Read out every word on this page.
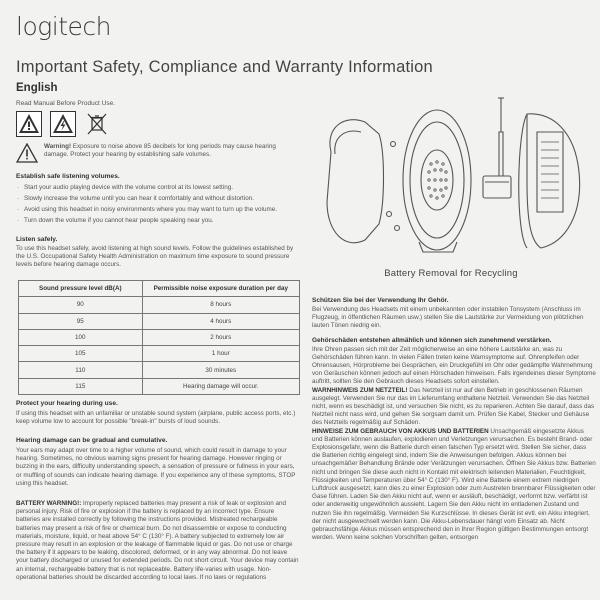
logitech
Important Safety, Compliance and Warranty Information
English
Read Manual Before Product Use.
Warning! Exposure to noise above 85 decibels for long periods may cause hearing damage. Protect your hearing by establishing safe volumes.
Establish safe listening volumes.
· Start your audio playing device with the volume control at its lowest setting.
· Slowly increase the volume until you can hear it comfortably and without distortion.
· Avoid using this headset in noisy environments where you may want to turn up the volume.
· Turn down the volume if you cannot hear people speaking near you.
Listen safely.
To use this headset safely, avoid listening at high sound levels. Follow the guidelines established by the U.S. Occupational Safety Health Administration on maximum time exposure to sound pressure levels before hearing damage occurs.
Sound pressure level dB(A)	Permissible noise exposure duration per day
90	8 hours
95	4 hours
100	2 hours
105	1 hour
110	30 minutes
115	Hearing damage will occur.
Protect your hearing during use.
If using this headset with an unfamiliar or unstable sound system (airplane, public access ports, etc.) keep volume low to account for possible "break-in" bursts of loud sounds.
Hearing damage can be gradual and cumulative.
Your ears may adapt over time to a higher volume of sound, which could result in damage to your hearing. Sometimes, no obvious warning signs present for hearing damage. However ringing or buzzing in the ears, difficulty understanding speech, a sensation of pressure or fullness in your ears, or muffling of sounds can indicate hearing damage. If you experience any of these symptoms, STOP using this headset.
BATTERY WARNING!: Improperly replaced batteries may present a risk of leak or explosion and personal injury. Risk of fire or explosion if the battery is replaced by an incorrect type. Ensure batteries are installed correctly by following the instructions provided. Mistreated rechargeable batteries may present a risk of fire or chemical burn. Do not disassemble or expose to conducting materials, moisture, liquid, or heat above 54° C (130° F). A battery subjected to extremely low air pressure may result in an explosion or the leakage of flammable liquid or gas. Do not use or charge the battery if it appears to be leaking, discolored, deformed, or in any way abnormal. Do not leave your battery discharged or unused for extended periods. Do not short circuit. Your device may contain an internal, rechargeable battery that is not replaceable. Battery life-varies with usage. Non-operational batteries should be discarded according to local laws. If no laws or regulations
Battery Removal for Recycling
Schützen Sie bei der Verwendung Ihr Gehör.
Bei Verwendung des Headsets mit einem unbekannten oder instabilen Tonsystem (Anschluss im Flugzeug, in öffentlichen Räumen usw.) stellen Sie die Lautstärke zur Vermeidung von plötzlichen lauten Tönen niedrig ein.
Gehörschäden entstehen allmählich und können sich zunehmend verstärken.
Ihre Ohren passen sich mit der Zeit möglicherweise an eine höhere Lautstärke an, was zu Gehörschäden führen kann. In vielen Fällen treten keine Warnsymptome auf. Ohrenpfeifen oder Ohrensausen, Hörprobleme bei Gesprächen, ein Druckgefühl im Ohr oder gedämpfte Wahrnehmung von Geräuschen können jedoch auf einen Hörschaden hinweisen. Falls irgendeines dieser Symptome auftritt, sollten Sie den Gebrauch dieses Headsets sofort einstellen.
WARNHINWEIS ZUM NETZTEIL! Das Netzteil ist nur auf den Betrieb in geschlossenen Räumen ausgelegt. Verwenden Sie nur das im Lieferumfang enthaltene Netzteil. Verwenden Sie das Netzteil nicht, wenn es beschädigt ist, und versuchen Sie nicht, es zu reparieren. Achten Sie darauf, dass das Netzteil nicht nass wird, und gehen Sie sorgsam damit um. Prüfen Sie Kabel, Stecker und Gehäuse des Netzteils regelmäßig auf Schäden.
HINWEISE ZUM GEBRAUCH VON AKKUS UND BATTERIEN Unsachgemäß eingesetzte Akkus und Batterien können auslaufen, explodieren und Verletzungen verursachen. Es besteht Brand- oder Explosionsgefahr, wenn die Batterie durch einen falschen Typ ersetzt wird. Stellen Sie sicher, dass die Batterien richtig eingelegt sind, indem Sie die Anweisungen befolgen. Akkus können bei unsachgemäßer Behandlung Brände oder Verätzungen verursachen. Öffnen Sie Akkus bzw. Batterien nicht und bringen Sie diese auch nicht in Kontakt mit elektrisch leitenden Materialien, Feuchtigkeit, Flüssigkeiten und Temperaturen über 54° C (130° F). Wird eine Batterie einem extrem niedrigen Luftdruck ausgesetzt, kann dies zu einer Explosion oder zum Austreten brennbarer Flüssigkeiten oder Gase führen. Laden Sie den Akku nicht auf, wenn er ausläuft, beschädigt, verformt bzw. verfärbt ist oder anderweitig ungewöhnlich aussieht. Lagern Sie den Akku nicht im entladenen Zustand und nutzen Sie ihn regelmäßig. Vermeiden Sie Kurzschlüsse. In dieses Gerät ist evtl. ein Akku integriert, der nicht ausgewechselt werden kann. Die Akku-Lebensdauer hängt vom Einsatz ab. Nicht gebrauchsfähige Akkus müssen entsprechend den in Ihrer Region gültigen Bestimmungen entsorgt werden. Wenn keine solchen Vorschriften gelten, entsorgen
